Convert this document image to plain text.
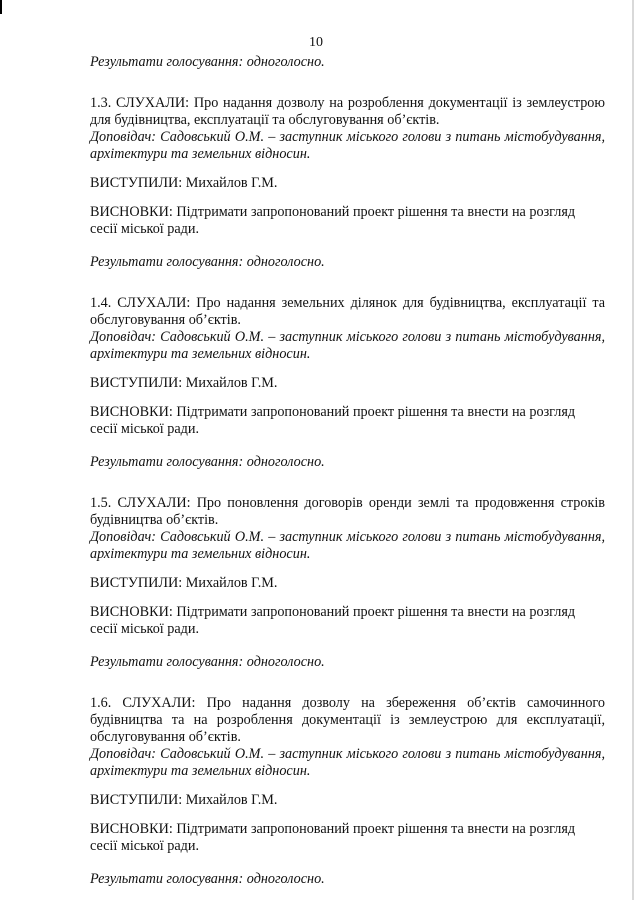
10

Результати голосування: одноголосно.

1.3. СЛУХАЛИ: Про надання дозволу на розроблення документації із землеустрою для будівництва, експлуатації та обслуговування об’єктів.

Доповідач: Садовський О.М. – заступник міського голови з питань містобудування, архітектури та земельних відносин.

ВИСТУПИЛИ: Михайлов Г.М.

ВИСНОВКИ: Підтримати запропонований проект рішення та внести на розгляд сесії міської ради.

Результати голосування: одноголосно.

1.4. СЛУХАЛИ: Про надання земельних ділянок для будівництва, експлуатації та обслуговування об’єктів.

Доповідач: Садовський О.М. – заступник міського голови з питань містобудування, архітектури та земельних відносин.

ВИСТУПИЛИ: Михайлов Г.М.

ВИСНОВКИ: Підтримати запропонований проект рішення та внести на розгляд сесії міської ради.

Результати голосування: одноголосно.

1.5. СЛУХАЛИ: Про поновлення договорів оренди землі та продовження строків будівництва об’єктів.

Доповідач: Садовський О.М. – заступник міського голови з питань містобудування, архітектури та земельних відносин.

ВИСТУПИЛИ: Михайлов Г.М.

ВИСНОВКИ: Підтримати запропонований проект рішення та внести на розгляд сесії міської ради.

Результати голосування: одноголосно.

1.6. СЛУХАЛИ: Про надання дозволу на збереження об’єктів самочинного будівництва та на розроблення документації із землеустрою для експлуатації, обслуговування об’єктів.

Доповідач: Садовський О.М. – заступник міського голови з питань містобудування, архітектури та земельних відносин.

ВИСТУПИЛИ: Михайлов Г.М.

ВИСНОВКИ: Підтримати запропонований проект рішення та внести на розгляд сесії міської ради.

Результати голосування: одноголосно.
